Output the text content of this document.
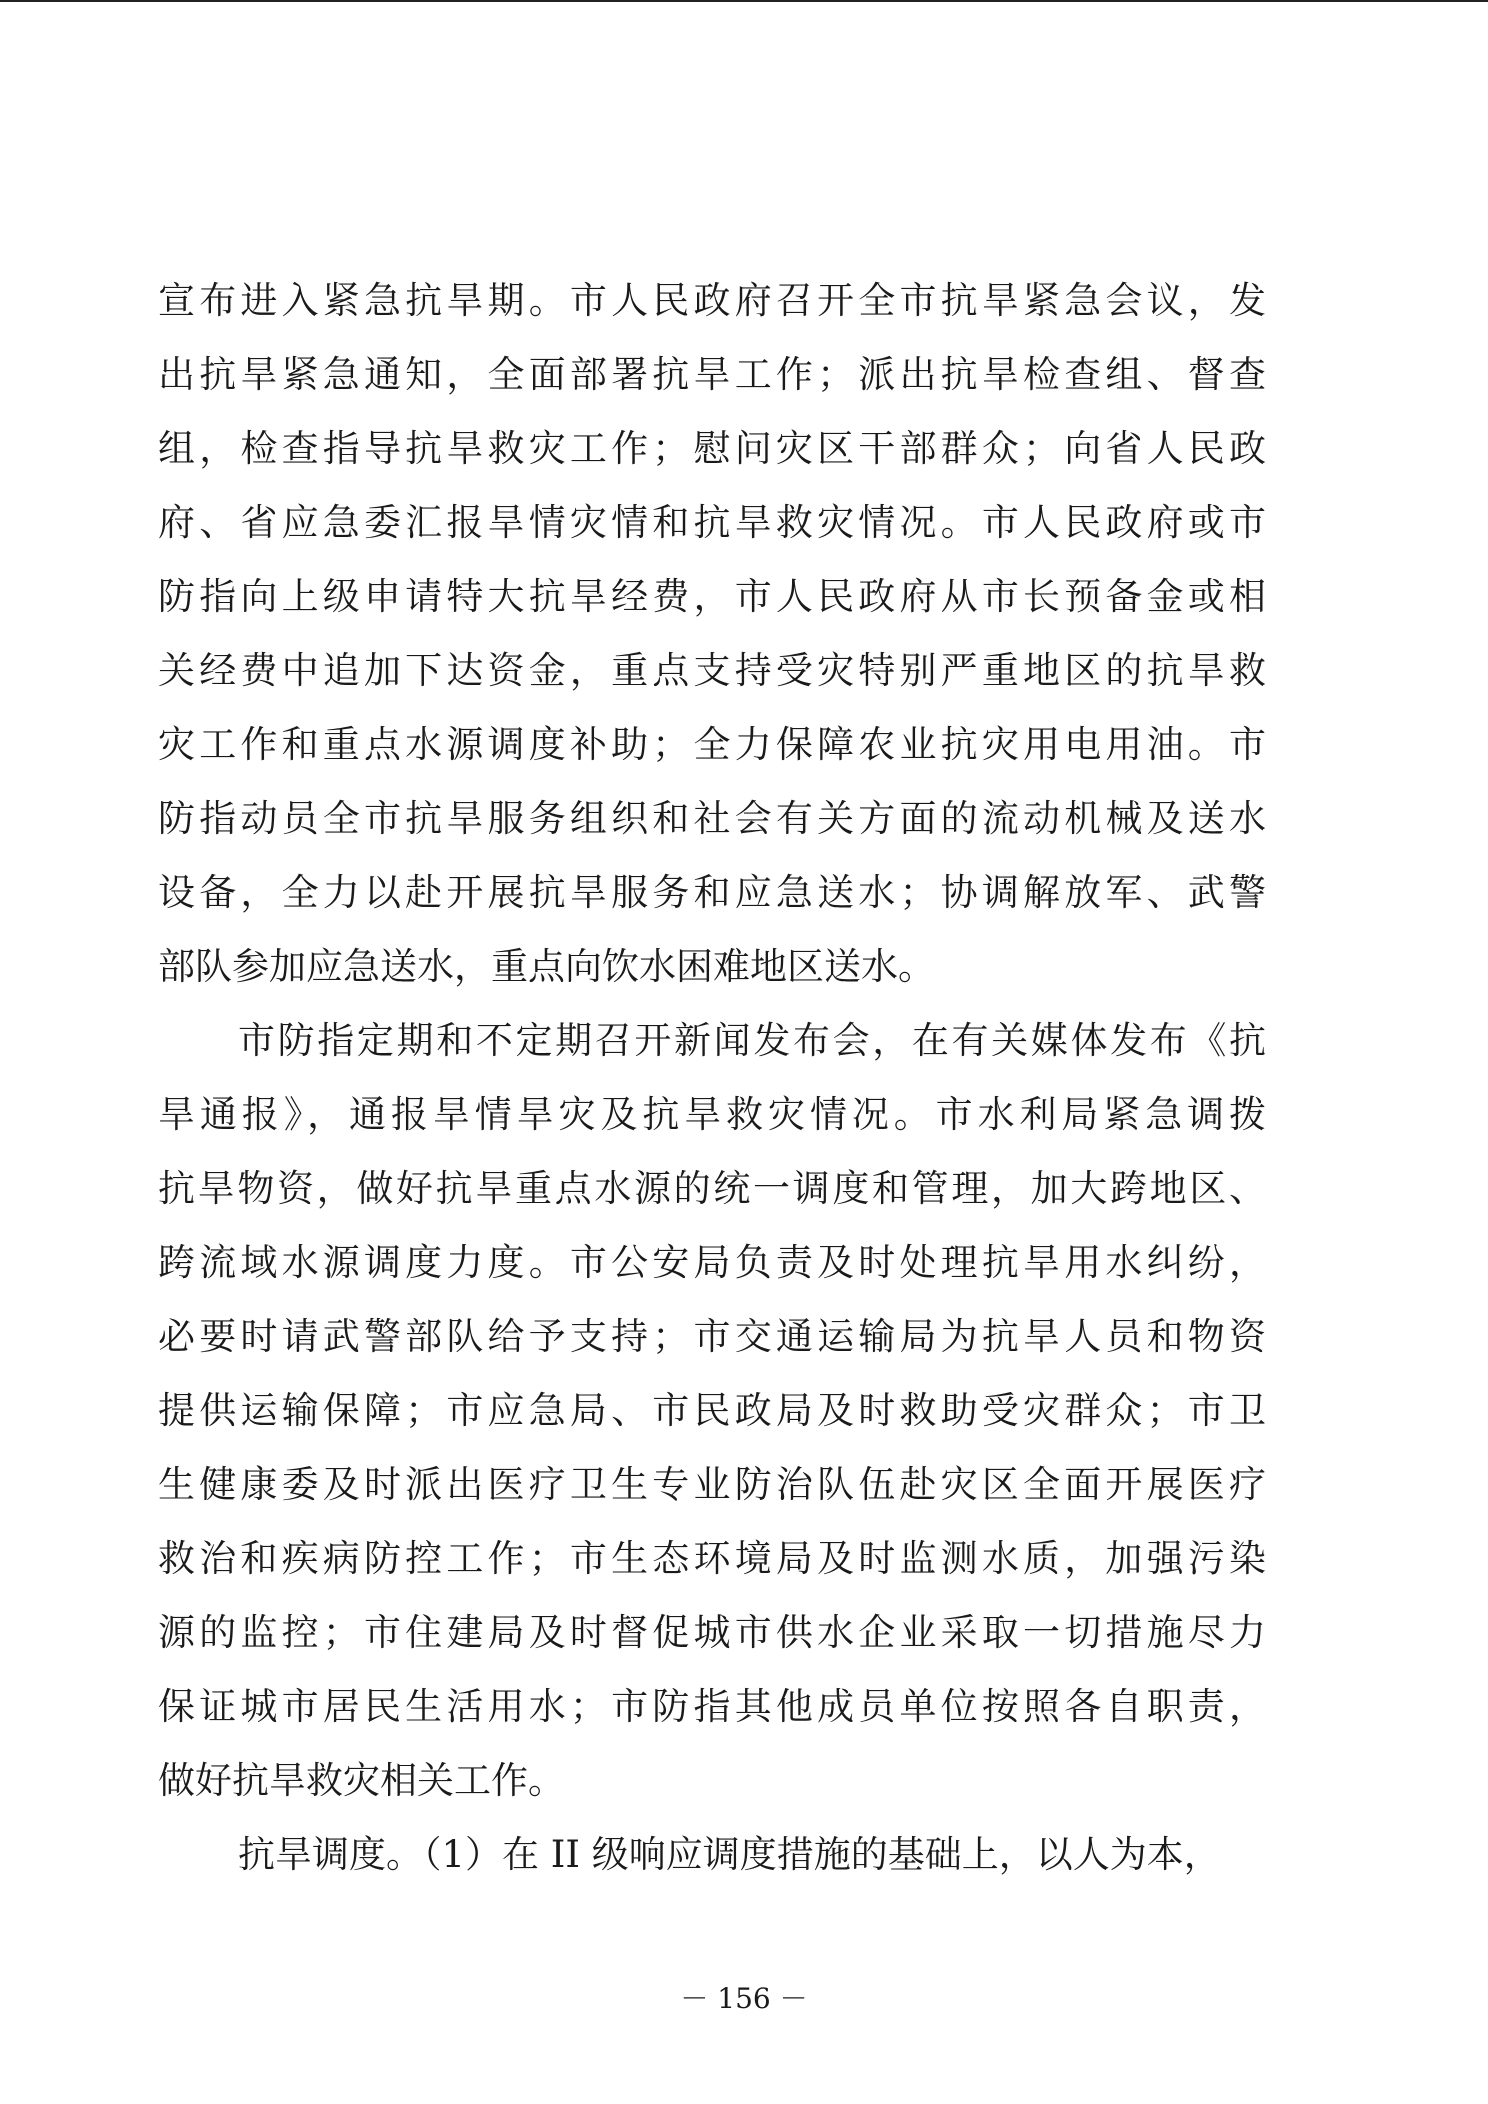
宣布进入紧急抗旱期。市人民政府召开全市抗旱紧急会议，发
出抗旱紧急通知，全面部署抗旱工作；派出抗旱检查组、督查
组，检查指导抗旱救灾工作；慰问灾区干部群众；向省人民政
府、省应急委汇报旱情灾情和抗旱救灾情况。市人民政府或市
防指向上级申请特大抗旱经费，市人民政府从市长预备金或相
关经费中追加下达资金，重点支持受灾特别严重地区的抗旱救
灾工作和重点水源调度补助；全力保障农业抗灾用电用油。市
防指动员全市抗旱服务组织和社会有关方面的流动机械及送水
设备，全力以赴开展抗旱服务和应急送水；协调解放军、武警
部队参加应急送水，重点向饮水困难地区送水。
市防指定期和不定期召开新闻发布会，在有关媒体发布《抗
旱通报》，通报旱情旱灾及抗旱救灾情况。市水利局紧急调拨
抗旱物资，做好抗旱重点水源的统一调度和管理，加大跨地区、
跨流域水源调度力度。市公安局负责及时处理抗旱用水纠纷，
必要时请武警部队给予支持；市交通运输局为抗旱人员和物资
提供运输保障；市应急局、市民政局及时救助受灾群众；市卫
生健康委及时派出医疗卫生专业防治队伍赴灾区全面开展医疗
救治和疾病防控工作；市生态环境局及时监测水质，加强污染
源的监控；市住建局及时督促城市供水企业采取一切措施尽力
保证城市居民生活用水；市防指其他成员单位按照各自职责，
做好抗旱救灾相关工作。
抗旱调度。（1）在 II 级响应调度措施的基础上，以人为本，
－ 156 －
